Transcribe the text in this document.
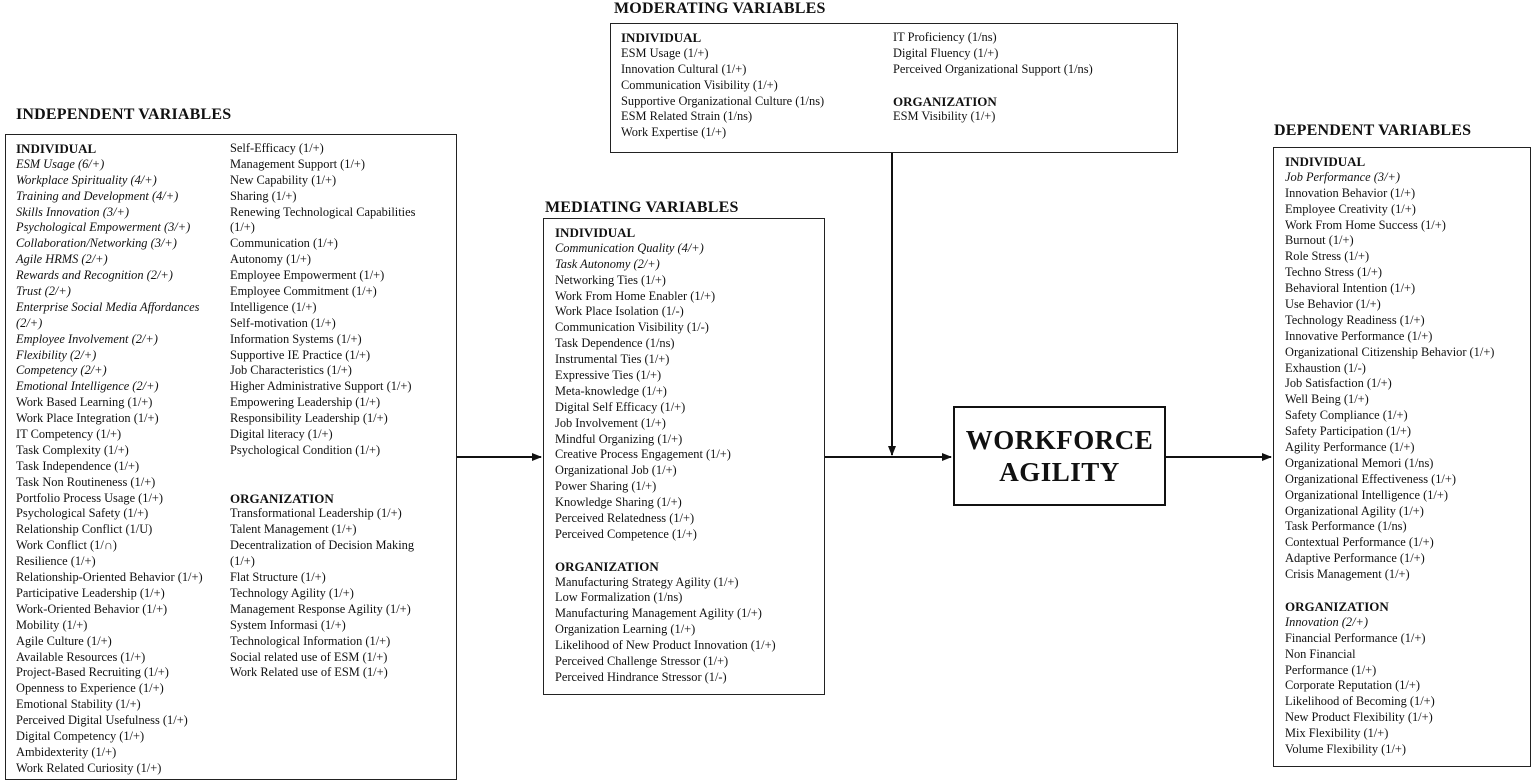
MODERATING VARIABLES
INDEPENDENT VARIABLES
MEDIATING VARIABLES
DEPENDENT VARIABLES
INDIVIDUAL
ESM Usage (1/+)
Innovation Cultural (1/+)
Communication Visibility (1/+)
Supportive Organizational Culture (1/ns)
ESM Related Strain (1/ns)
Work Expertise (1/+)
IT Proficiency (1/ns)
Digital Fluency (1/+)
Perceived Organizational Support (1/ns)
ORGANIZATION
ESM Visibility (1/+)
INDIVIDUAL
ESM Usage (6/+)
Workplace Spirituality (4/+)
Training and Development (4/+)
Skills Innovation (3/+)
Psychological Empowerment (3/+)
Collaboration/Networking (3/+)
Agile HRMS (2/+)
Rewards and Recognition (2/+)
Trust (2/+)
Enterprise Social Media Affordances
(2/+)
Employee Involvement (2/+)
Flexibility (2/+)
Competency (2/+)
Emotional Intelligence (2/+)
Work Based Learning (1/+)
Work Place Integration (1/+)
IT Competency (1/+)
Task Complexity (1/+)
Task Independence (1/+)
Task Non Routineness (1/+)
Portfolio Process Usage (1/+)
Psychological Safety (1/+)
Relationship Conflict (1/U)
Work Conflict (1/∩)
Resilience (1/+)
Relationship-Oriented Behavior (1/+)
Participative Leadership (1/+)
Work-Oriented Behavior (1/+)
Mobility (1/+)
Agile Culture (1/+)
Available Resources (1/+)
Project-Based Recruiting (1/+)
Openness to Experience (1/+)
Emotional Stability (1/+)
Perceived Digital Usefulness (1/+)
Digital Competency (1/+)
Ambidexterity (1/+)
Work Related Curiosity (1/+)
Self-Efficacy (1/+)
Management Support (1/+)
New Capability (1/+)
Sharing (1/+)
Renewing Technological Capabilities
(1/+)
Communication (1/+)
Autonomy (1/+)
Employee Empowerment (1/+)
Employee Commitment (1/+)
Intelligence (1/+)
Self-motivation (1/+)
Information Systems (1/+)
Supportive IE Practice (1/+)
Job Characteristics (1/+)
Higher Administrative Support (1/+)
Empowering Leadership (1/+)
Responsibility Leadership (1/+)
Digital literacy (1/+)
Psychological Condition (1/+)
ORGANIZATION
Transformational Leadership (1/+)
Talent Management (1/+)
Decentralization of Decision Making
(1/+)
Flat Structure (1/+)
Technology Agility (1/+)
Management Response Agility (1/+)
System Informasi (1/+)
Technological Information (1/+)
Social related use of ESM (1/+)
Work Related use of ESM (1/+)
INDIVIDUAL
Communication Quality (4/+)
Task Autonomy (2/+)
Networking Ties (1/+)
Work From Home Enabler (1/+)
Work Place Isolation (1/-)
Communication Visibility (1/-)
Task Dependence (1/ns)
Instrumental Ties (1/+)
Expressive Ties (1/+)
Meta-knowledge (1/+)
Digital Self Efficacy (1/+)
Job Involvement (1/+)
Mindful Organizing (1/+)
Creative Process Engagement (1/+)
Organizational Job (1/+)
Power Sharing (1/+)
Knowledge Sharing (1/+)
Perceived Relatedness (1/+)
Perceived Competence (1/+)
ORGANIZATION
Manufacturing Strategy Agility (1/+)
Low Formalization (1/ns)
Manufacturing Management Agility (1/+)
Organization Learning (1/+)
Likelihood of New Product Innovation (1/+)
Perceived Challenge Stressor (1/+)
Perceived Hindrance Stressor (1/-)
WORKFORCE
AGILITY
INDIVIDUAL
Job Performance (3/+)
Innovation Behavior (1/+)
Employee Creativity (1/+)
Work From Home Success (1/+)
Burnout (1/+)
Role Stress (1/+)
Techno Stress (1/+)
Behavioral Intention (1/+)
Use Behavior (1/+)
Technology Readiness (1/+)
Innovative Performance (1/+)
Organizational Citizenship Behavior (1/+)
Exhaustion (1/-)
Job Satisfaction (1/+)
Well Being (1/+)
Safety Compliance (1/+)
Safety Participation (1/+)
Agility Performance (1/+)
Organizational Memori (1/ns)
Organizational Effectiveness (1/+)
Organizational Intelligence (1/+)
Organizational Agility (1/+)
Task Performance (1/ns)
Contextual Performance (1/+)
Adaptive Performance (1/+)
Crisis Management (1/+)
ORGANIZATION
Innovation (2/+)
Financial Performance (1/+)
Non Financial
Performance (1/+)
Corporate Reputation (1/+)
Likelihood of Becoming (1/+)
New Product Flexibility (1/+)
Mix Flexibility (1/+)
Volume Flexibility (1/+)
